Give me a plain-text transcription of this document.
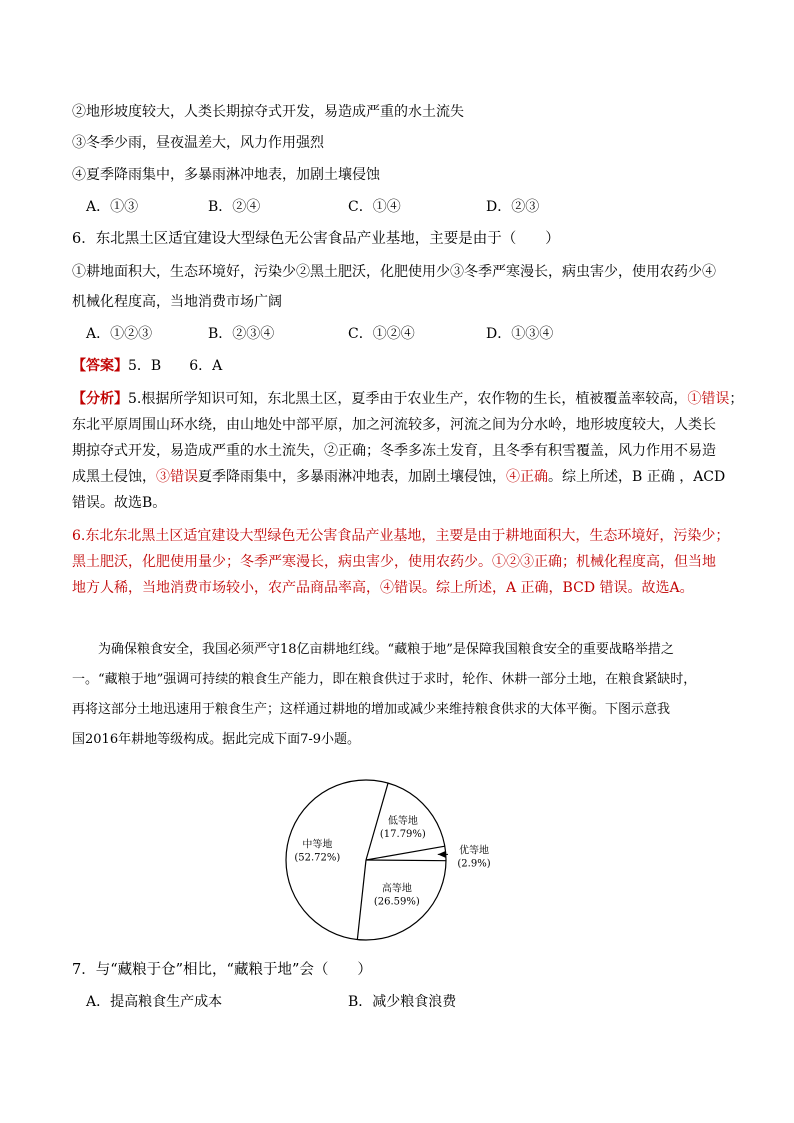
②地形坡度较大，人类长期掠夺式开发，易造成严重的水土流失
③冬季少雨，昼夜温差大，风力作用强烈
④夏季降雨集中，多暴雨淋冲地表，加剧土壤侵蚀
A．①③	B．②④	C．①④	D．②③
6．东北黑土区适宜建设大型绿色无公害食品产业基地，主要是由于（　　）
①耕地面积大，生态环境好，污染少②黑土肥沃，化肥使用少③冬季严寒漫长，病虫害少，使用农药少④
机械化程度高，当地消费市场广阔
A．①②③	B．②③④	C．①②④	D．①③④
【答案】5．B　　6．A
【分析】5.根据所学知识可知，东北黑土区，夏季由于农业生产，农作物的生长，植被覆盖率较高，①错误；
东北平原周围山环水绕，由山地处中部平原，加之河流较多，河流之间为分水岭，地形坡度较大，人类长
期掠夺式开发，易造成严重的水土流失，②正确；冬季多冻土发育，且冬季有积雪覆盖，风力作用不易造
成黑土侵蚀，③错误夏季降雨集中，多暴雨淋冲地表，加剧土壤侵蚀，④正确。综上所述，B 正确 ，ACD
错误。故选B。
6.东北东北黑土区适宜建设大型绿色无公害食品产业基地，主要是由于耕地面积大，生态环境好，污染少；
黑土肥沃，化肥使用量少；冬季严寒漫长，病虫害少，使用农药少。①②③正确；机械化程度高，但当地
地方人稀，当地消费市场较小，农产品商品率高，④错误。综上所述，A 正确，BCD 错误。故选A。
　　为确保粮食安全，我国必须严守18亿亩耕地红线。“藏粮于地”是保障我国粮食安全的重要战略举措之
一。“藏粮于地”强调可持续的粮食生产能力，即在粮食供过于求时，轮作、休耕一部分土地，在粮食紧缺时，
再将这部分土地迅速用于粮食生产；这样通过耕地的增加或减少来维持粮食供求的大体平衡。下图示意我
国2016年耕地等级构成。据此完成下面7-9小题。
低等地
(17.79%)
优等地
(2.9%)
高等地
(26.59%)
中等地
(52.72%)
7．与“藏粮于仓”相比，“藏粮于地”会（　　）
A．提高粮食生产成本	B．减少粮食浪费
